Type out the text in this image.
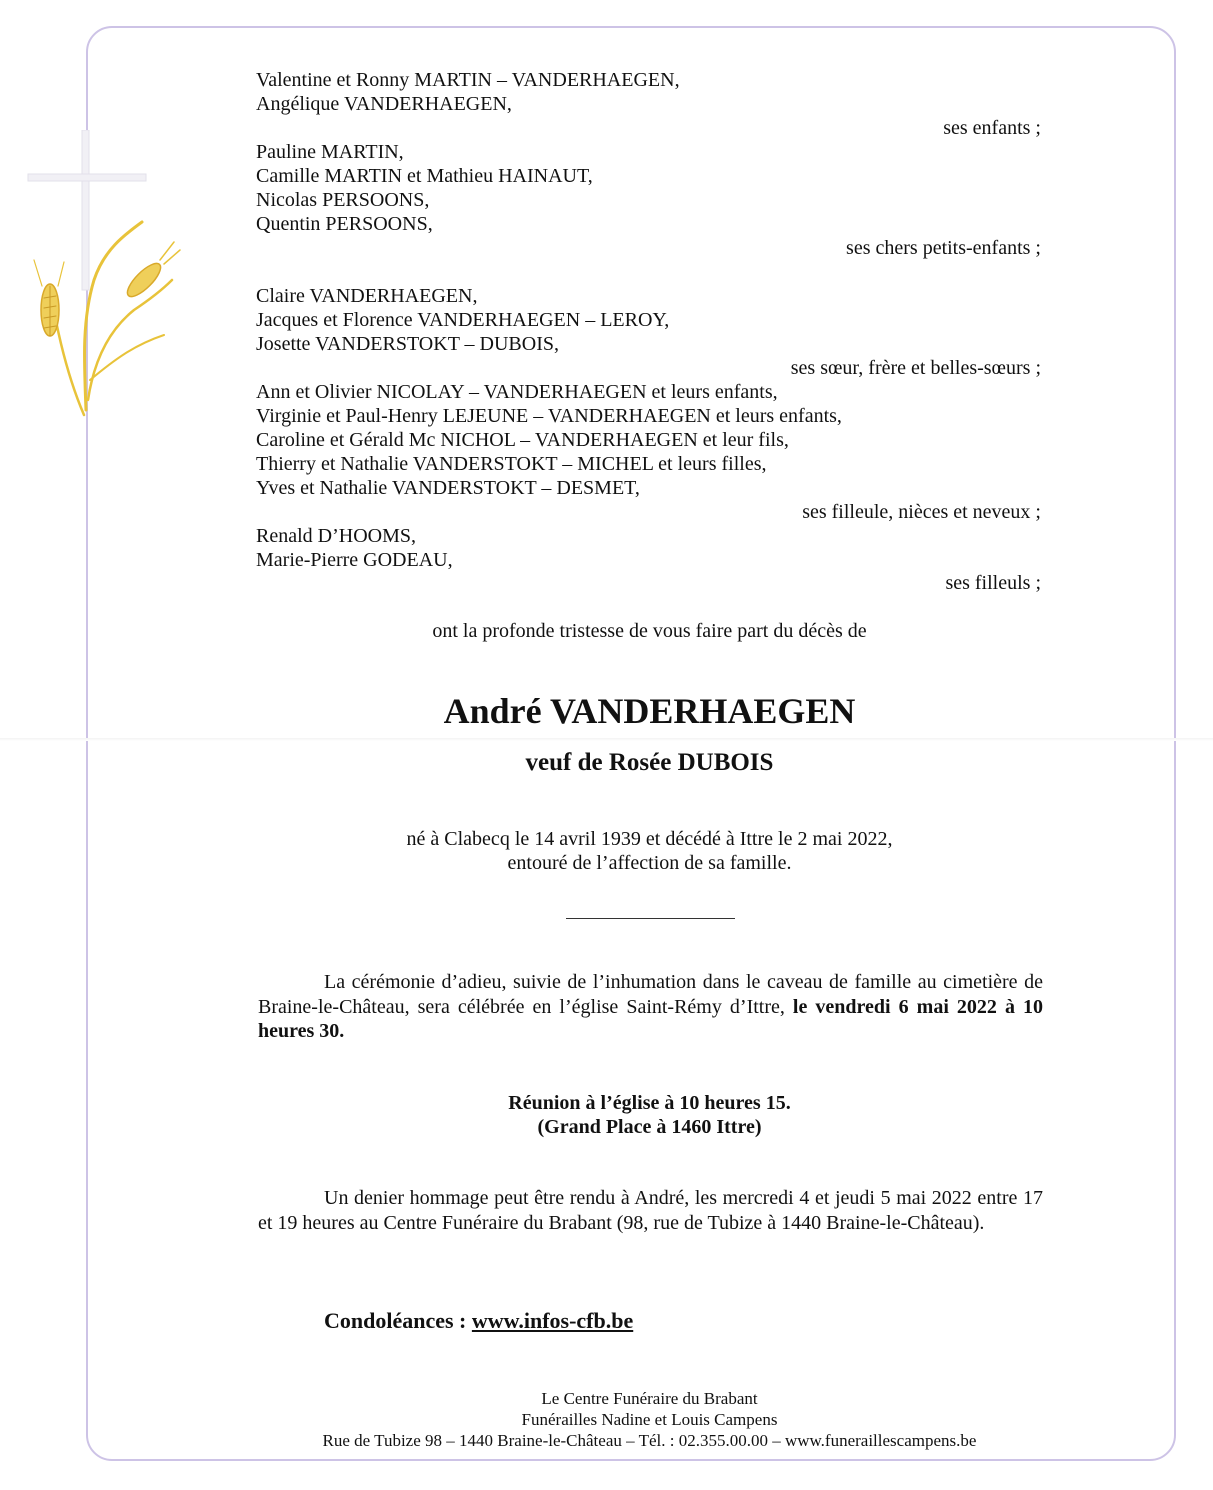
Valentine et Ronny MARTIN – VANDERHAEGEN,
Angélique VANDERHAEGEN,
ses enfants ;
Pauline MARTIN,
Camille MARTIN et Mathieu HAINAUT,
Nicolas PERSOONS,
Quentin PERSOONS,
ses chers petits-enfants ;
Claire VANDERHAEGEN,
Jacques et Florence VANDERHAEGEN – LEROY,
Josette VANDERSTOKT – DUBOIS,
ses sœur, frère et belles-sœurs ;
Ann et Olivier NICOLAY – VANDERHAEGEN et leurs enfants,
Virginie et Paul-Henry LEJEUNE – VANDERHAEGEN et leurs enfants,
Caroline et Gérald Mc NICHOL – VANDERHAEGEN et leur fils,
Thierry et Nathalie VANDERSTOKT – MICHEL et leurs filles,
Yves et Nathalie VANDERSTOKT – DESMET,
ses filleule, nièces et neveux ;
Renald D’HOOMS,
Marie-Pierre GODEAU,
ses filleuls ;
ont la profonde tristesse de vous faire part du décès de
André VANDERHAEGEN
veuf de Rosée DUBOIS
né à Clabecq le 14 avril 1939 et décédé à Ittre le 2 mai 2022,
entouré de l’affection de sa famille.
La cérémonie d’adieu, suivie de l’inhumation dans le caveau de famille au cimetière de Braine-le-Château, sera célébrée en l’église Saint-Rémy d’Ittre, le vendredi 6 mai 2022 à 10 heures 30.
Réunion à l’église à 10 heures 15.
(Grand Place à 1460 Ittre)
Un denier hommage peut être rendu à André, les mercredi 4 et jeudi 5 mai 2022 entre 17 et 19 heures au Centre Funéraire du Brabant (98, rue de Tubize à 1440 Braine-le-Château).
Condoléances : www.infos-cfb.be
Le Centre Funéraire du Brabant
Funérailles Nadine et Louis Campens
Rue de Tubize 98 – 1440 Braine-le-Château – Tél. : 02.355.00.00 – www.funeraillescampens.be
